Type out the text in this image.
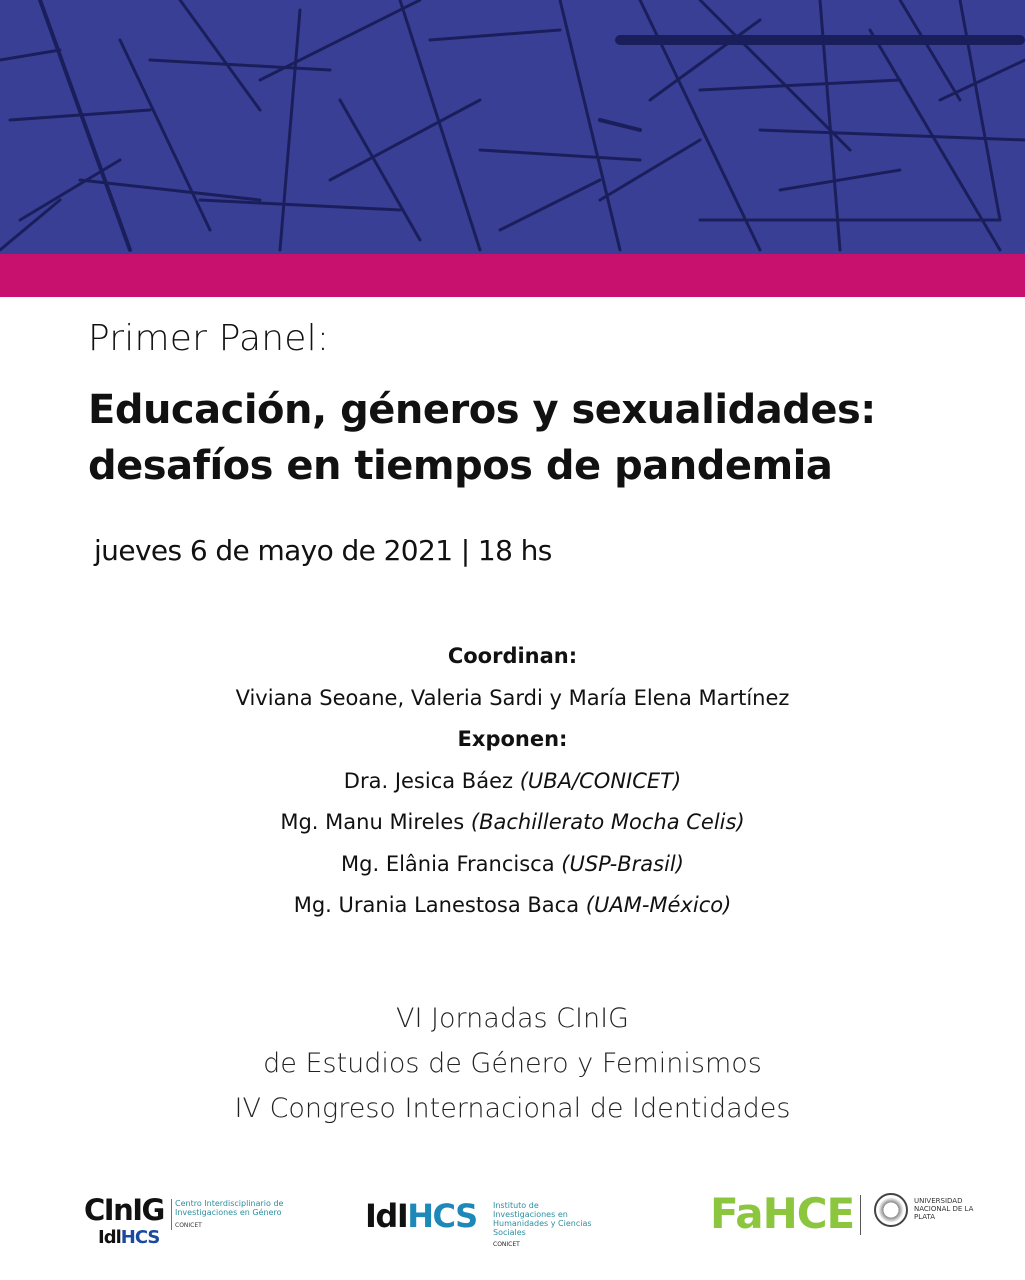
Primer Panel:
Educación, géneros y sexualidades:
desafíos en tiempos de pandemia
jueves 6 de mayo de 2021 | 18 hs
Coordinan:
Viviana Seoane, Valeria Sardi y María Elena Martínez
Exponen:
Dra. Jesica Báez (UBA/CONICET)
Mg. Manu Mireles (Bachillerato Mocha Celis)
Mg. Elânia Francisca (USP-Brasil)
Mg. Urania Lanestosa Baca (UAM-México)
VI Jornadas CInIG
de Estudios de Género y Feminismos
IV Congreso Internacional de Identidades
CInIG
IdlHCS
Centro Interdisciplinario de Investigaciones en Género
CONICET	IdIHCS Instituto de Investigaciones en Humanidades y Ciencias Sociales
CONICET
FaHCE	UNIVERSIDAD NACIONAL DE LA PLATA
